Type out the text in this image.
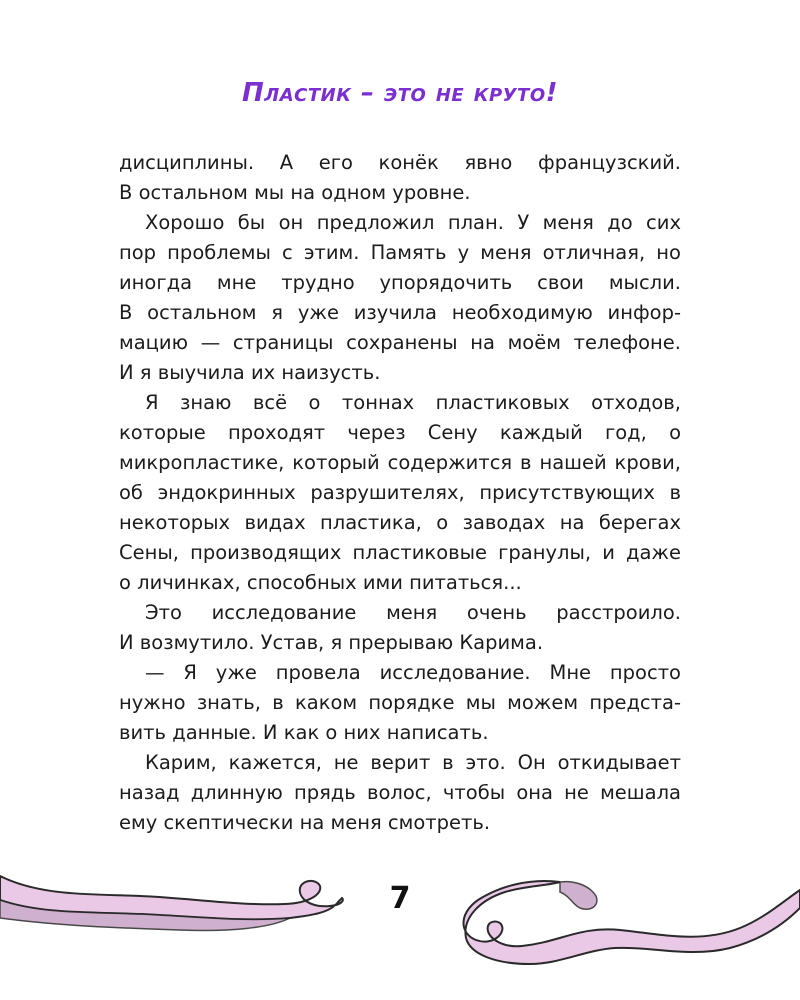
Пластик – это не круто!
дисциплины. А его конёк явно французский.
В остальном мы на одном уровне.
Хорошо бы он предложил план. У меня до сих
пор проблемы с этим. Память у меня отличная, но
иногда мне трудно упорядочить свои мысли.
В остальном я уже изучила необходимую инфор-
мацию — страницы сохранены на моём телефоне.
И я выучила их наизусть.
Я знаю всё о тоннах пластиковых отходов,
которые проходят через Сену каждый год, о
микропластике, который содержится в нашей крови,
об эндокринных разрушителях, присутствующих в
некоторых видах пластика, о заводах на берегах
Сены, производящих пластиковые гранулы, и даже
о личинках, способных ими питаться...
Это исследование меня очень расстроило.
И возмутило. Устав, я прерываю Карима.
— Я уже провела исследование. Мне просто
нужно знать, в каком порядке мы можем предста-
вить данные. И как о них написать.
Карим, кажется, не верит в это. Он откидывает
назад длинную прядь волос, чтобы она не мешала
ему скептически на меня смотреть.
7
